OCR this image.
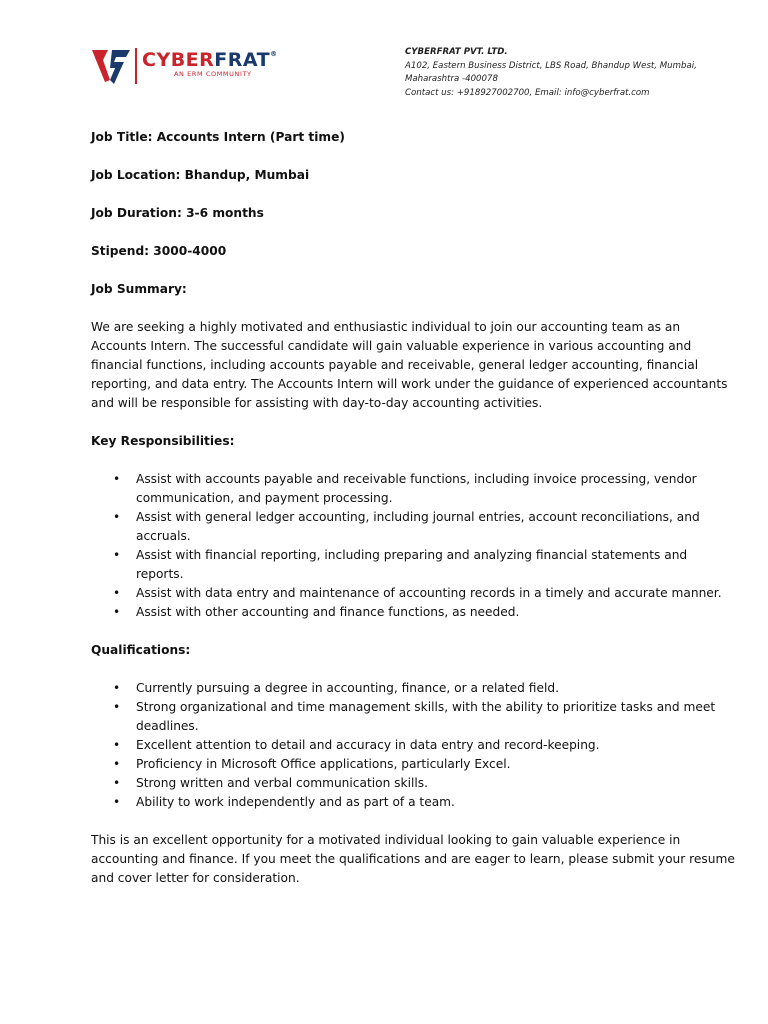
CYBERFRAT®
AN ERM COMMUNITY
CYBERFRAT PVT. LTD.
A102, Eastern Business District, LBS Road, Bhandup West, Mumbai,
Maharashtra -400078
Contact us: +918927002700, Email: info@cyberfrat.com
Job Title: Accounts Intern (Part time)
Job Location: Bhandup, Mumbai
Job Duration: 3-6 months
Stipend: 3000-4000
Job Summary:
We are seeking a highly motivated and enthusiastic individual to join our accounting team as an
Accounts Intern. The successful candidate will gain valuable experience in various accounting and
financial functions, including accounts payable and receivable, general ledger accounting, financial
reporting, and data entry. The Accounts Intern will work under the guidance of experienced accountants
and will be responsible for assisting with day-to-day accounting activities.
Key Responsibilities:
• Assist with accounts payable and receivable functions, including invoice processing, vendor
communication, and payment processing.
• Assist with general ledger accounting, including journal entries, account reconciliations, and
accruals.
• Assist with financial reporting, including preparing and analyzing financial statements and
reports.
• Assist with data entry and maintenance of accounting records in a timely and accurate manner.
• Assist with other accounting and finance functions, as needed.
Qualifications:
• Currently pursuing a degree in accounting, finance, or a related field.
• Strong organizational and time management skills, with the ability to prioritize tasks and meet
deadlines.
• Excellent attention to detail and accuracy in data entry and record-keeping.
• Proficiency in Microsoft Office applications, particularly Excel.
• Strong written and verbal communication skills.
• Ability to work independently and as part of a team.
This is an excellent opportunity for a motivated individual looking to gain valuable experience in
accounting and finance. If you meet the qualifications and are eager to learn, please submit your resume
and cover letter for consideration.
